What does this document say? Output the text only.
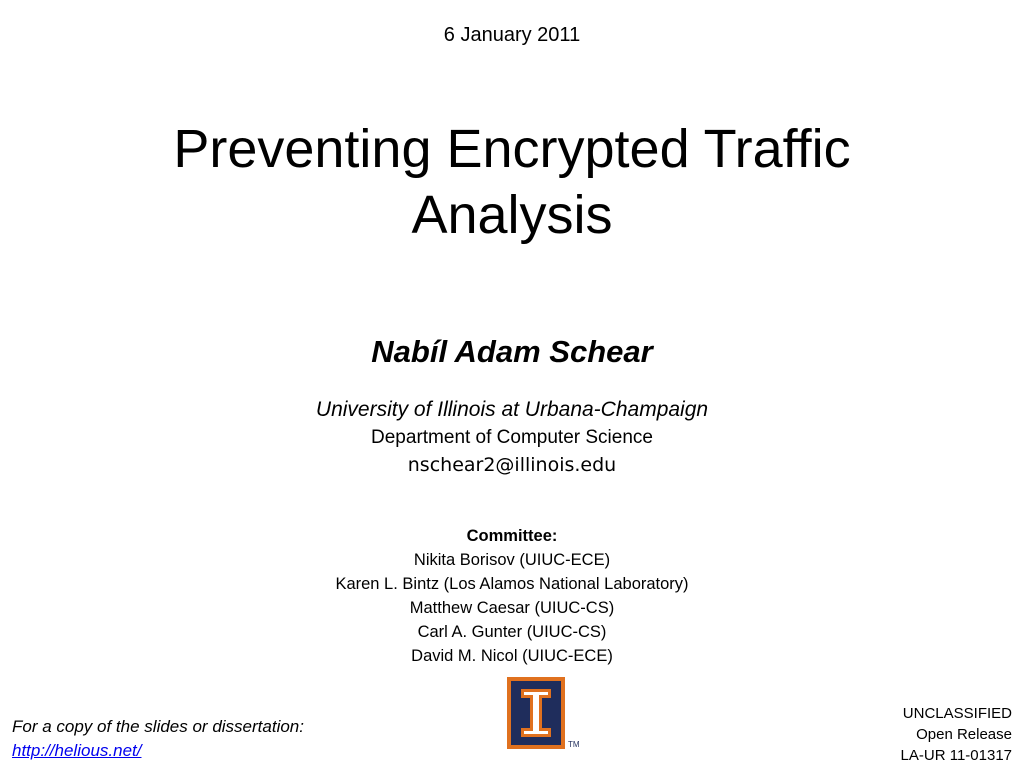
6 January 2011
Preventing Encrypted Traffic
Analysis
Nabíl Adam Schear
University of Illinois at Urbana-Champaign
Department of Computer Science
nschear2@illinois.edu
Committee:
Nikita Borisov (UIUC-ECE)
Karen L. Bintz (Los Alamos National Laboratory)
Matthew Caesar (UIUC-CS)
Carl A. Gunter (UIUC-CS)
David M. Nicol (UIUC-ECE)
For a copy of the slides or dissertation:
http://helious.net/	TM
UNCLASSIFIED
Open Release
LA-UR 11-01317
